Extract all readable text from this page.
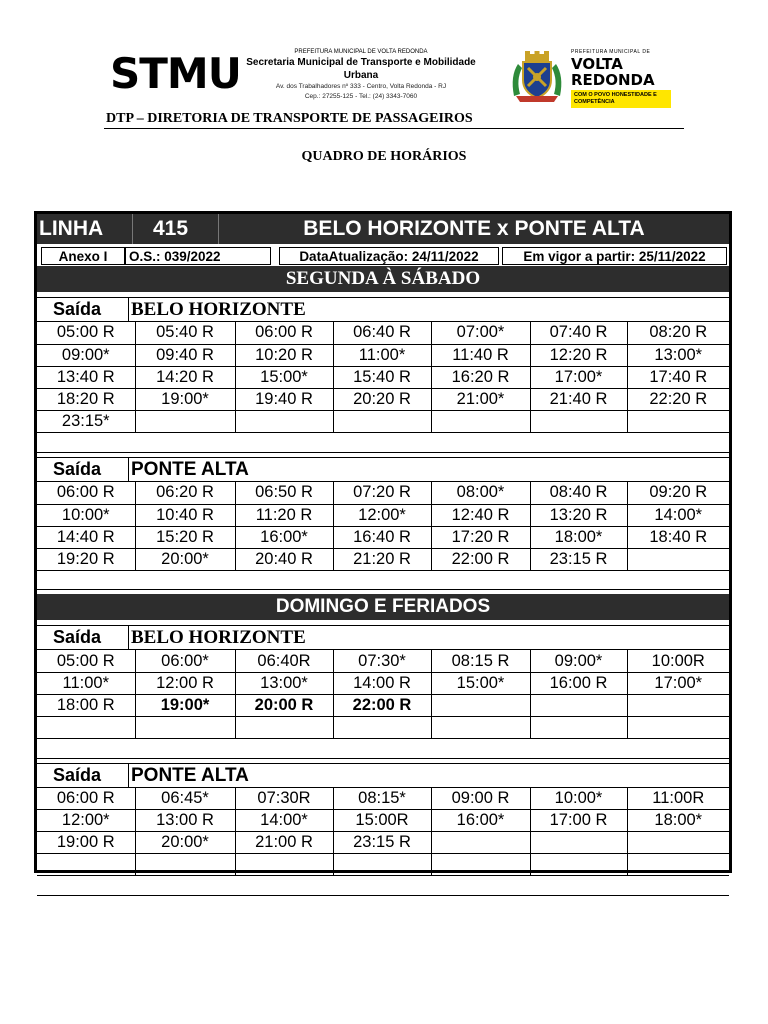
STMU	PREFEITURA MUNICIPAL DE VOLTA REDONDA
Secretaria Municipal de Transporte e Mobilidade Urbana
Av. dos Trabalhadores nº 333 - Centro, Volta Redonda - RJ
Cep.: 27255-125 - Tel.: (24) 3343-7060
PREFEITURA MUNICIPAL DE
VOLTA
REDONDA
COM O POVO HONESTIDADE E COMPETÊNCIA
DTP – DIRETORIA DE TRANSPORTE DE PASSAGEIROS
QUADRO DE HORÁRIOS
LINHA	415	BELO HORIZONTE x PONTE ALTA
Anexo I	O.S.: 039/2022	DataAtualização: 24/11/2022	Em vigor a partir: 25/11/2022
SEGUNDA À SÁBADO
Saída	BELO HORIZONTE
05:00 R	05:40 R	06:00 R	06:40 R	07:00*	07:40 R	08:20 R
09:00*	09:40 R	10:20 R	11:00*	11:40 R	12:20 R	13:00*
13:40 R	14:20 R	15:00*	15:40 R	16:20 R	17:00*	17:40 R
18:20 R	19:00*	19:40 R	20:20 R	21:00*	21:40 R	22:20 R
23:15*						
Saída	PONTE ALTA
06:00 R	06:20 R	06:50 R	07:20 R	08:00*	08:40 R	09:20 R
10:00*	10:40 R	11:20 R	12:00*	12:40 R	13:20 R	14:00*
14:40 R	15:20 R	16:00*	16:40 R	17:20 R	18:00*	18:40 R
19:20 R	20:00*	20:40 R	21:20 R	22:00 R	23:15 R	
DOMINGO E FERIADOS
Saída	BELO HORIZONTE
05:00 R	06:00*	06:40R	07:30*	08:15 R	09:00*	10:00R
11:00*	12:00 R	13:00*	14:00 R	15:00*	16:00 R	17:00*
18:00 R	19:00*	20:00 R	22:00 R			

Saída	PONTE ALTA
06:00 R	06:45*	07:30R	08:15*	09:00 R	10:00*	11:00R
12:00*	13:00 R	14:00*	15:00R	16:00*	17:00 R	18:00*
19:00 R	20:00*	21:00 R	23:15 R			
